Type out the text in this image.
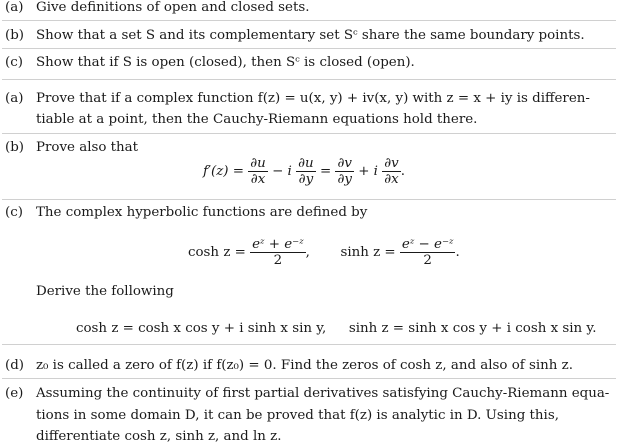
(a) Give definitions of open and closed sets.
(b) Show that a set S and its complementary set Sᶜ share the same boundary points.
(c) Show that if S is open (closed), then Sᶜ is closed (open).
(a) Prove that if a complex function f(z) = u(x, y) + iv(x, y) with z = x + iy is differen-
tiable at a point, then the Cauchy-Riemann equations hold there.
(b) Prove also that
$f'(z) = \frac{\partial u}{\partial x} - i \frac{\partial u}{\partial y} = \frac{\partial v}{\partial y} + i \frac{\partial v}{\partial x}$ .
(c) The complex hyperbolic functions are defined by
$\cosh z = \frac{\text{eᶻ + e⁻ᶻ}}{2}$ , $\sinh z = \frac{\text{eᶻ − e⁻ᶻ}}{2}$ .
Derive the following
cosh z = cosh x cos y + i sinh x sin y, sinh z = sinh x cos y + i cosh x sin y.
(d) z₀ is called a zero of f(z) if f(z₀) = 0. Find the zeros of cosh z, and also of sinh z.
(e) Assuming the continuity of first partial derivatives satisfying Cauchy-Riemann equa-
tions in some domain D, it can be proved that f(z) is analytic in D. Using this,
differentiate cosh z, sinh z, and ln z.
